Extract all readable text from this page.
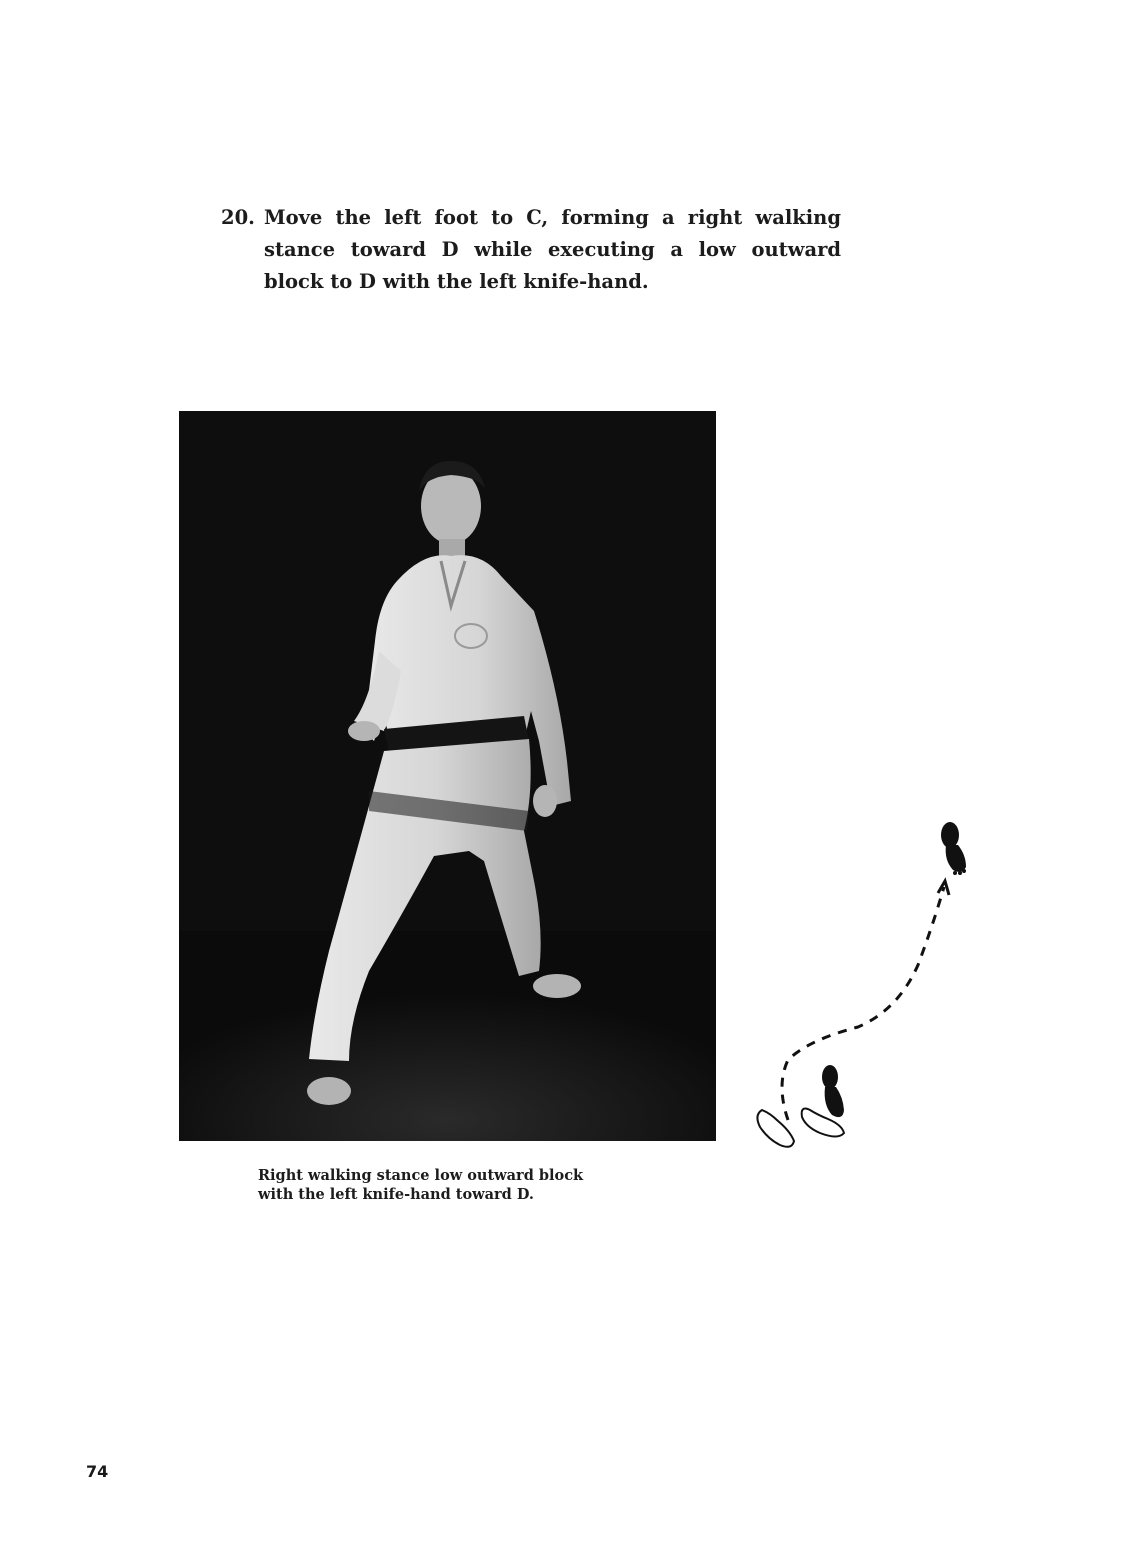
20. Move the left foot to C, forming a right walking stance toward D while executing a low outward block to D with the left knife-hand.
Right walking stance low outward block
with the left knife-hand toward D.
74
